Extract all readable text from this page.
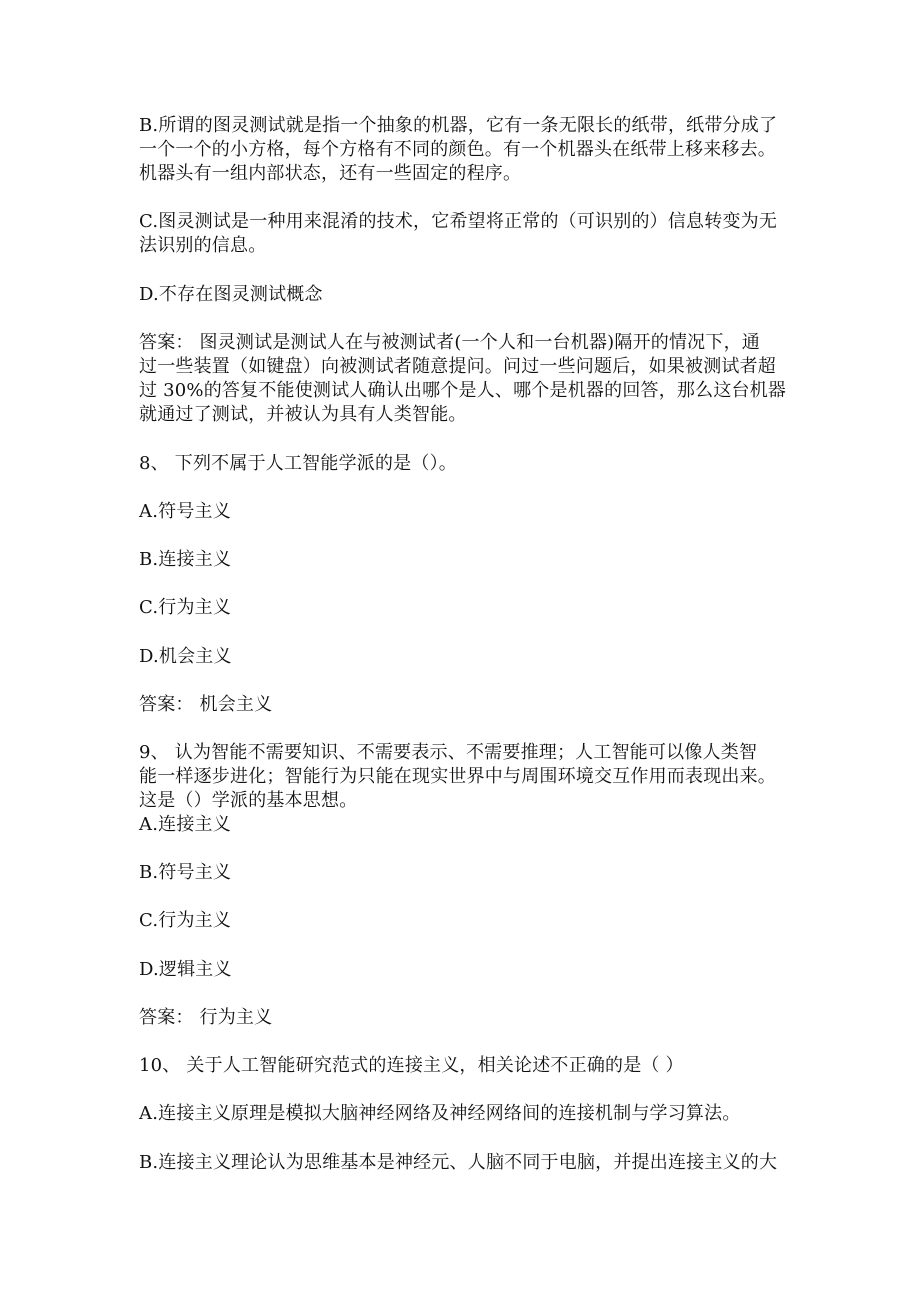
B.所谓的图灵测试就是指一个抽象的机器，它有一条无限长的纸带，纸带分成了
一个一个的小方格，每个方格有不同的颜色。有一个机器头在纸带上移来移去。
机器头有一组内部状态，还有一些固定的程序。
C.图灵测试是一种用来混淆的技术，它希望将正常的（可识别的）信息转变为无
法识别的信息。
D.不存在图灵测试概念
答案： 图灵测试是测试人在与被测试者(一个人和一台机器)隔开的情况下，通
过一些装置（如键盘）向被测试者随意提问。问过一些问题后，如果被测试者超
过 30%的答复不能使测试人确认出哪个是人、哪个是机器的回答，那么这台机器
就通过了测试，并被认为具有人类智能。
8、 下列不属于人工智能学派的是（）。
A.符号主义
B.连接主义
C.行为主义
D.机会主义
答案： 机会主义
9、 认为智能不需要知识、不需要表示、不需要推理；人工智能可以像人类智
能一样逐步进化；智能行为只能在现实世界中与周围环境交互作用而表现出来。
这是（）学派的基本思想。
A.连接主义
B.符号主义
C.行为主义
D.逻辑主义
答案： 行为主义
10、 关于人工智能研究范式的连接主义，相关论述不正确的是（ ）
A.连接主义原理是模拟大脑神经网络及神经网络间的连接机制与学习算法。
B.连接主义理论认为思维基本是神经元、人脑不同于电脑，并提出连接主义的大
